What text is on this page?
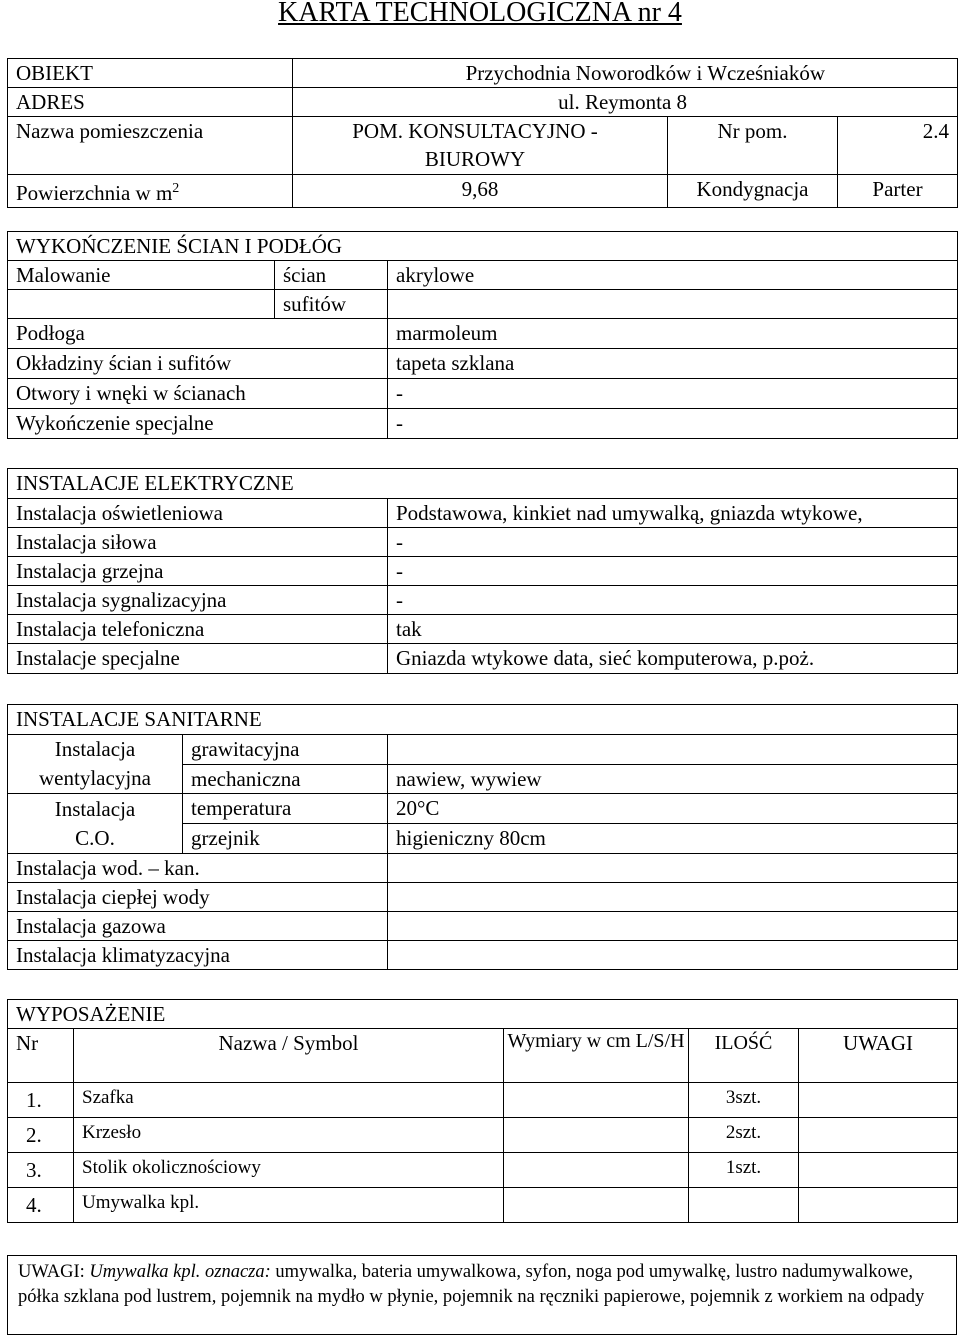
KARTA TECHNOLOGICZNA nr 4
OBIEKT	Przychodnia Noworodków i Wcześniaków		
ADRES	ul. Reymonta 8		
Nazwa pomieszczenia	POM. KONSULTACYJNO - BIUROWY	Nr pom.	2.4
Powierzchnia w $m^2$	9,68	Kondygnacja	Parter
WYKOŃCZENIE ŚCIAN I PODŁÓG		
Malowanie	ścian	akrylowe
	sufitów	
Podłoga		marmoleum
Okładziny ścian i sufitów		tapeta szklana
Otwory i wnęki w ścianach		-
Wykończenie specjalne		-
INSTALACJE ELEKTRYCZNE	
Instalacja oświetleniowa	Podstawowa, kinkiet nad umywalką, gniazda wtykowe,
Instalacja siłowa	-
Instalacja grzejna	-
Instalacja sygnalizacyjna	-
Instalacja telefoniczna	tak
Instalacje specjalne	Gniazda wtykowe data, sieć komputerowa, p.poż.
INSTALACJE SANITARNE		
Instalacja
wentylacyjna	grawitacyjna	
	mechaniczna	nawiew, wywiew
Instalacja
C.O.	temperatura	20°C
	grzejnik	higieniczny 80cm
Instalacja wod. – kan.		
Instalacja ciepłej wody		
Instalacja gazowa		
Instalacja klimatyzacyjna		
WYPOSAŻENIE				
Nr	Nazwa / Symbol	Wymiary w cm L/S/H	ILOŚĆ	UWAGI
1.	Szafka		3szt.	
2.	Krzesło		2szt.	
3.	Stolik okolicznościowy		1szt.	
4.	Umywalka kpl.			
UWAGI: Umywalka kpl. oznacza: umywalka, bateria umywalkowa, syfon, noga pod umywalkę, lustro nadumywalkowe, półka szklana pod lustrem, pojemnik na mydło w płynie, pojemnik na ręczniki papierowe, pojemnik z workiem na odpady
